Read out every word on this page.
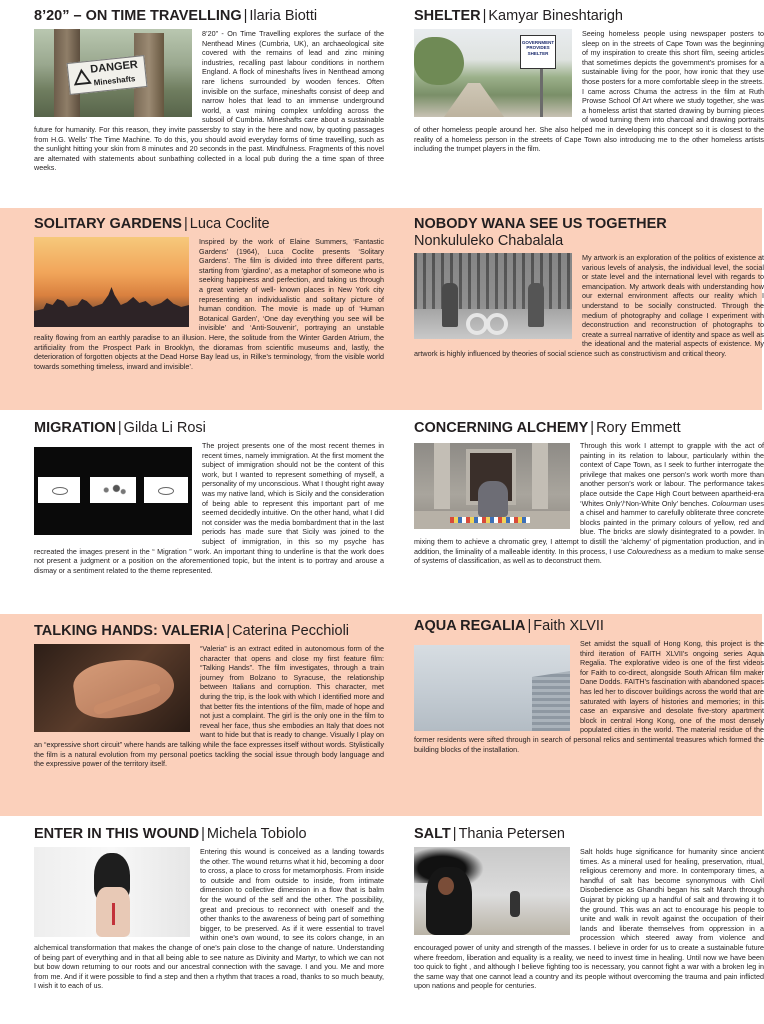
8’20” – ON TIME TRAVELLING | Ilaria Biotti
DANGER
Mineshafts
8’20” - On Time Travelling explores the surface of the Nenthead Mines (Cumbria, UK), an archaeological site covered with the remains of lead and zinc mining industries, recalling past labour conditions in northern England. A flock of mineshafts lives in Nenthead among rare lichens surrounded by wooden fences. Often invisible on the surface, mineshafts consist of deep and narrow holes that lead to an immense underground world, a vast mining complex unfolding across the subsoil of Cumbria. Mineshafts care about a sustainable future for humanity. For this reason, they invite passersby to stay in the here and now, by quoting passages from H.G. Wells’ The Time Machine. To do this, you should avoid everyday forms of time travelling, such as the sunlight hitting your skin from 8 minutes and 20 seconds in the past. Mindfulness. Fragments of this novel are alternated with statements about sunbathing collected in a local pub during the a time span of three weeks.
SHELTER | Kamyar Bineshtarigh
GOVERNMENT PROVIDES SHELTER
Seeing homeless people using newspaper posters to sleep on in the streets of Cape Town was the beginning of my inspiration to create this short film, seeing articles that sometimes depicts the government’s promises for a sustainable living for the poor, how ironic that they use those posters for a more comfortable sleep in the streets. I came across Chuma the actress in the film at Ruth Prowse School Of Art where we study together, she was a homeless artist that started drawing by burning pieces of wood turning them into charcoal and drawing portraits of other homeless people around her. She also helped me in developing this concept so it is closest to the reality of a homeless person in the streets of Cape Town also introducing me to the other homeless artists including the trumpet players in the film.
SOLITARY GARDENS | Luca Coclite
Inspired by the work of Elaine Summers, ‘Fantastic Gardens’ (1964), Luca Coclite presents ‘Solitary Gardens’. The film is divided into three different parts, starting from ‘giardino’, as a metaphor of someone who is seeking happiness and perfection, and taking us through a great variety of well- known places in New York city representing an individualistic and solitary picture of human condition. The movie is made up of ‘Human Botanical Garden’, ‘One day everything you see will be invisible’ and ‘Anti-Souvenir’, portraying an unstable reality flowing from an earthly paradise to an illusion. Here, the solitude from the Winter Garden Atrium, the artificiality from the Prospect Park in Brooklyn, the dioramas from scientific museums and, lastly, the deterioration of forgotten objects at the Dead Horse Bay lead us, in Rilke’s terminology, ‘from the visible world towards something timeless, inward and invisible’.
NOBODY WANA SEE US TOGETHER
Nonkululeko Chabalala
My artwork is an exploration of the politics of existence at various levels of analysis, the individual level, the social or state level and the international level with regards to emancipation. My artwork deals with understanding how our external environment affects our reality which I understand to be socially constructed. Through the medium of photography and collage I experiment with deconstruction and reconstruction of photographs to create a surreal narrative of identity and space as well as the ideational and the material aspects of existence. My artwork is highly influenced by theories of social science such as constructivism and critical theory.
MIGRATION | Gilda Li Rosi
The project presents one of the most recent themes in recent times, namely immigration. At the first moment the subject of immigration should not be the content of this work, but I wanted to represent something of myself, a personality of my unconscious. What I thought right away was my native land, which is Sicily and the consideration of being able to represent this important part of me seemed decidedly intuitive. On the other hand, what I did not consider was the media bombardment that in the last periods has made sure that Sicily was joined to the subject of immigration, in this so my psyche has recreated the images present in the “ Migration ” work. An important thing to underline is that the work does not present a judgment or a position on the aforementioned topic, but the intent is to portray and arouse a dismay or a sentiment related to the theme represented.
CONCERNING ALCHEMY | Rory Emmett
Through this work I attempt to grapple with the act of painting in its relation to labour, particularly within the context of Cape Town, as I seek to further interrogate the privilege that makes one person’s work worth more than another person’s work or labour. The performance takes place outside the Cape High Court between apartheid-era ‘Whites Only’/‘Non-White Only’ benches. Colourman uses a chisel and hammer to carefully obliterate three concrete blocks painted in the primary colours of yellow, red and blue. The bricks are slowly disintegrated to a powder. In mixing them to achieve a chromatic grey, I attempt to distill the ‘alchemy’ of pigmentation production, and in addition, the liminality of a malleable identity. In this process, I use Colouredness as a medium to make sense of systems of classification, as well as to deconstruct them.
TALKING HANDS: VALERIA | Caterina Pecchioli
“Valeria” is an extract edited in autonomous form of the character that opens and close my first feature film: “Talking Hands”. The film investigates, through a train journey from Bolzano to Syracuse, the relationship between Italians and corruption. This character, met during the trip, is the look with which I identified more and that better fits the intentions of the film, made of hope and not just a complaint. The girl is the only one in the film to reveal her face, thus she embodies an Italy that does not want to hide but that is ready to change. Visually I play on an “expressive short circuit” where hands are talking while the face expresses itself without words. Stylistically the film is a natural evolution from my personal poetics tackling the social issue through body language and the expressive power of the territory itself.
AQUA REGALIA | Faith XLVII
Set amidst the squall of Hong Kong, this project is the third iteration of FAITH XLVII’s ongoing series Aqua Regalia. The explorative video is one of the first videos for Faith to co-direct, alongside South African film maker Dane Dodds. FAITH’s fascination with abandoned spaces has led her to discover buildings across the world that are saturated with layers of histories and memories; in this case an expansive and desolate five-story apartment block in central Hong Kong, one of the most densely populated cities in the world. The material residue of the former residents were sifted through in search of personal relics and sentimental treasures which formed the building blocks of the installation.
ENTER IN THIS WOUND | Michela Tobiolo
Entering this wound is conceived as a landing towards the other. The wound returns what it hid, becoming a door to cross, a place to cross for metamorphosis. From inside to outside and from outside to inside, from intimate dimension to collective dimension in a flow that is balm for the wound of the self and the other. The possibility, great and precious to reconnect with oneself and the other thanks to the awareness of being part of something bigger, to be preserved. As if it were essential to travel within one’s own wound, to see its colors change, in an alchemical transformation that makes the change of one’s pain close to the change of nature. Understanding of being part of everything and in that all being able to see nature as Divinity and Martyr, to which we can not but bow down returning to our roots and our ancestral connection with the savage. I and you. Me and more from me. And if it were possible to find a step and then a rhythm that traces a road, thanks to so much beauty, I wish it to each of us.
SALT | Thania Petersen
Salt holds huge significance for humanity since ancient times. As a mineral used for healing, preservation, ritual, religious ceremony and more. In contemporary times, a handful of salt has become synonymous with Civil Disobedience as Ghandhi began his salt March through Gujarat by picking up a handful of salt and throwing it to the ground. This was an act to encourage his people to unite and walk in revolt against the occupation of their lands and liberate themselves from oppression in a procession which steered away from violence and encouraged power of unity and strength of the masses. I believe in order for us to create a sustainable future where freedom, liberation and equality is a reality, we need to invest time in healing. Until now we have been too quick to fight , and although I believe fighting too is necessary, you cannot fight a war with a broken leg in the same way that one cannot lead a country and its people without overcoming the trauma and pain inflicted upon nations and people for centuries.
